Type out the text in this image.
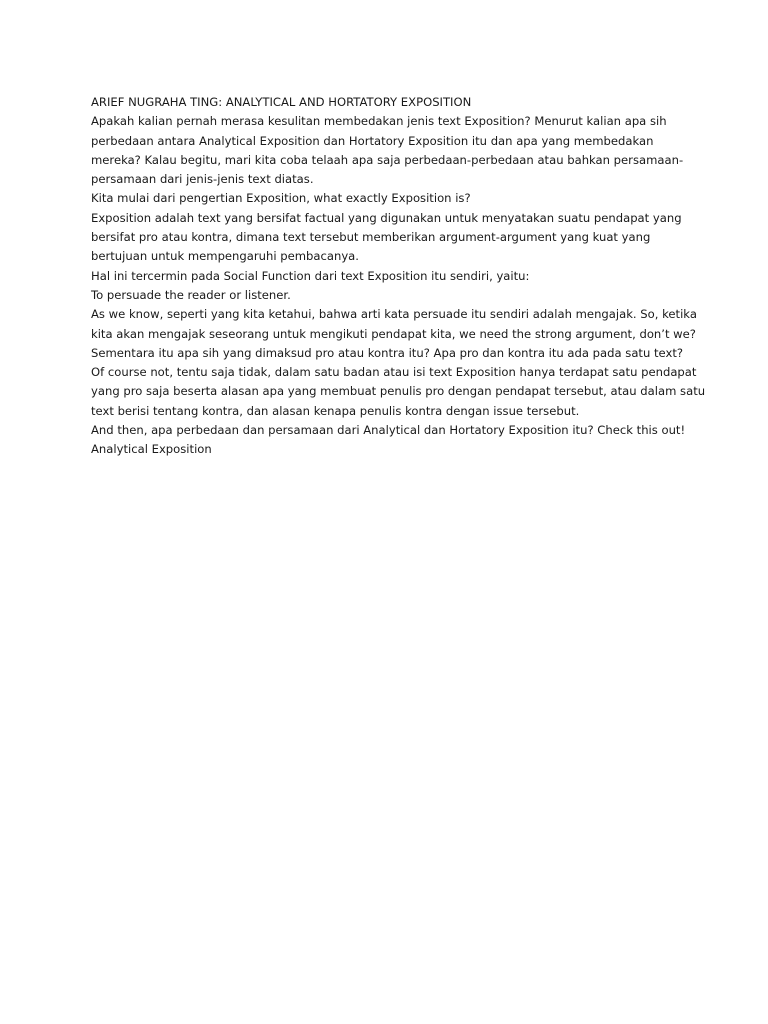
ARIEF NUGRAHA TING: ANALYTICAL AND HORTATORY EXPOSITION

Apakah kalian pernah merasa kesulitan membedakan jenis text Exposition? Menurut kalian apa sih
perbedaan antara Analytical Exposition dan Hortatory Exposition itu dan apa yang membedakan
mereka? Kalau begitu, mari kita coba telaah apa saja perbedaan-perbedaan atau bahkan persamaan-
persamaan dari jenis-jenis text diatas.

Kita mulai dari pengertian Exposition, what exactly Exposition is?

Exposition adalah text yang bersifat factual yang digunakan untuk menyatakan suatu pendapat yang
bersifat pro atau kontra, dimana text tersebut memberikan argument-argument yang kuat yang
bertujuan untuk mempengaruhi pembacanya.

Hal ini tercermin pada Social Function dari text Exposition itu sendiri, yaitu:

To persuade the reader or listener.

As we know, seperti yang kita ketahui, bahwa arti kata persuade itu sendiri adalah mengajak. So, ketika
kita akan mengajak seseorang untuk mengikuti pendapat kita, we need the strong argument, don’t we?

Sementara itu apa sih yang dimaksud pro atau kontra itu? Apa pro dan kontra itu ada pada satu text?

Of course not, tentu saja tidak, dalam satu badan atau isi text Exposition hanya terdapat satu pendapat
yang pro saja beserta alasan apa yang membuat penulis pro dengan pendapat tersebut, atau dalam satu
text berisi tentang kontra, dan alasan kenapa penulis kontra dengan issue tersebut.

And then, apa perbedaan dan persamaan dari Analytical dan Hortatory Exposition itu? Check this out!

Analytical Exposition
